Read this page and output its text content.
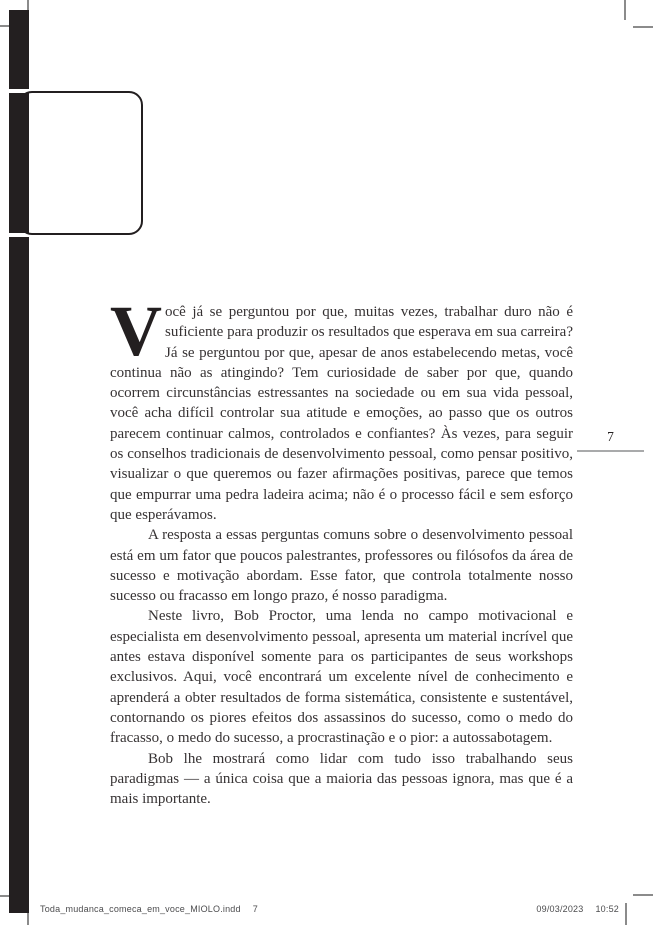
Você já se perguntou por que, muitas vezes, trabalhar duro não é suficiente para produzir os resultados que esperava em sua carreira? Já se perguntou por que, apesar de anos estabelecendo metas, você continua não as atingindo? Tem curiosidade de saber por que, quando ocorrem circunstâncias estressantes na sociedade ou em sua vida pessoal, você acha difícil controlar sua atitude e emoções, ao passo que os outros parecem continuar calmos, controlados e confiantes? Às vezes, para seguir os conselhos tradicionais de desenvolvimento pessoal, como pensar positivo, visualizar o que queremos ou fazer afirmações positivas, parece que temos que empurrar uma pedra ladeira acima; não é o processo fácil e sem esforço que esperávamos.

A resposta a essas perguntas comuns sobre o desenvolvimento pessoal está em um fator que poucos palestrantes, professores ou filósofos da área de sucesso e motivação abordam. Esse fator, que controla totalmente nosso sucesso ou fracasso em longo prazo, é nosso paradigma.

Neste livro, Bob Proctor, uma lenda no campo motivacional e especialista em desenvolvimento pessoal, apresenta um material incrível que antes estava disponível somente para os participantes de seus workshops exclusivos. Aqui, você encontrará um excelente nível de conhecimento e aprenderá a obter resultados de forma sistemática, consistente e sustentável, contornando os piores efeitos dos assassinos do sucesso, como o medo do fracasso, o medo do sucesso, a procrastinação e o pior: a autossabotagem.

Bob lhe mostrará como lidar com tudo isso trabalhando seus paradigmas — a única coisa que a maioria das pessoas ignora, mas que é a mais importante.

7
Toda_mudanca_comeca_em_voce_MIOLO.indd 7	09/03/2023 10:52
